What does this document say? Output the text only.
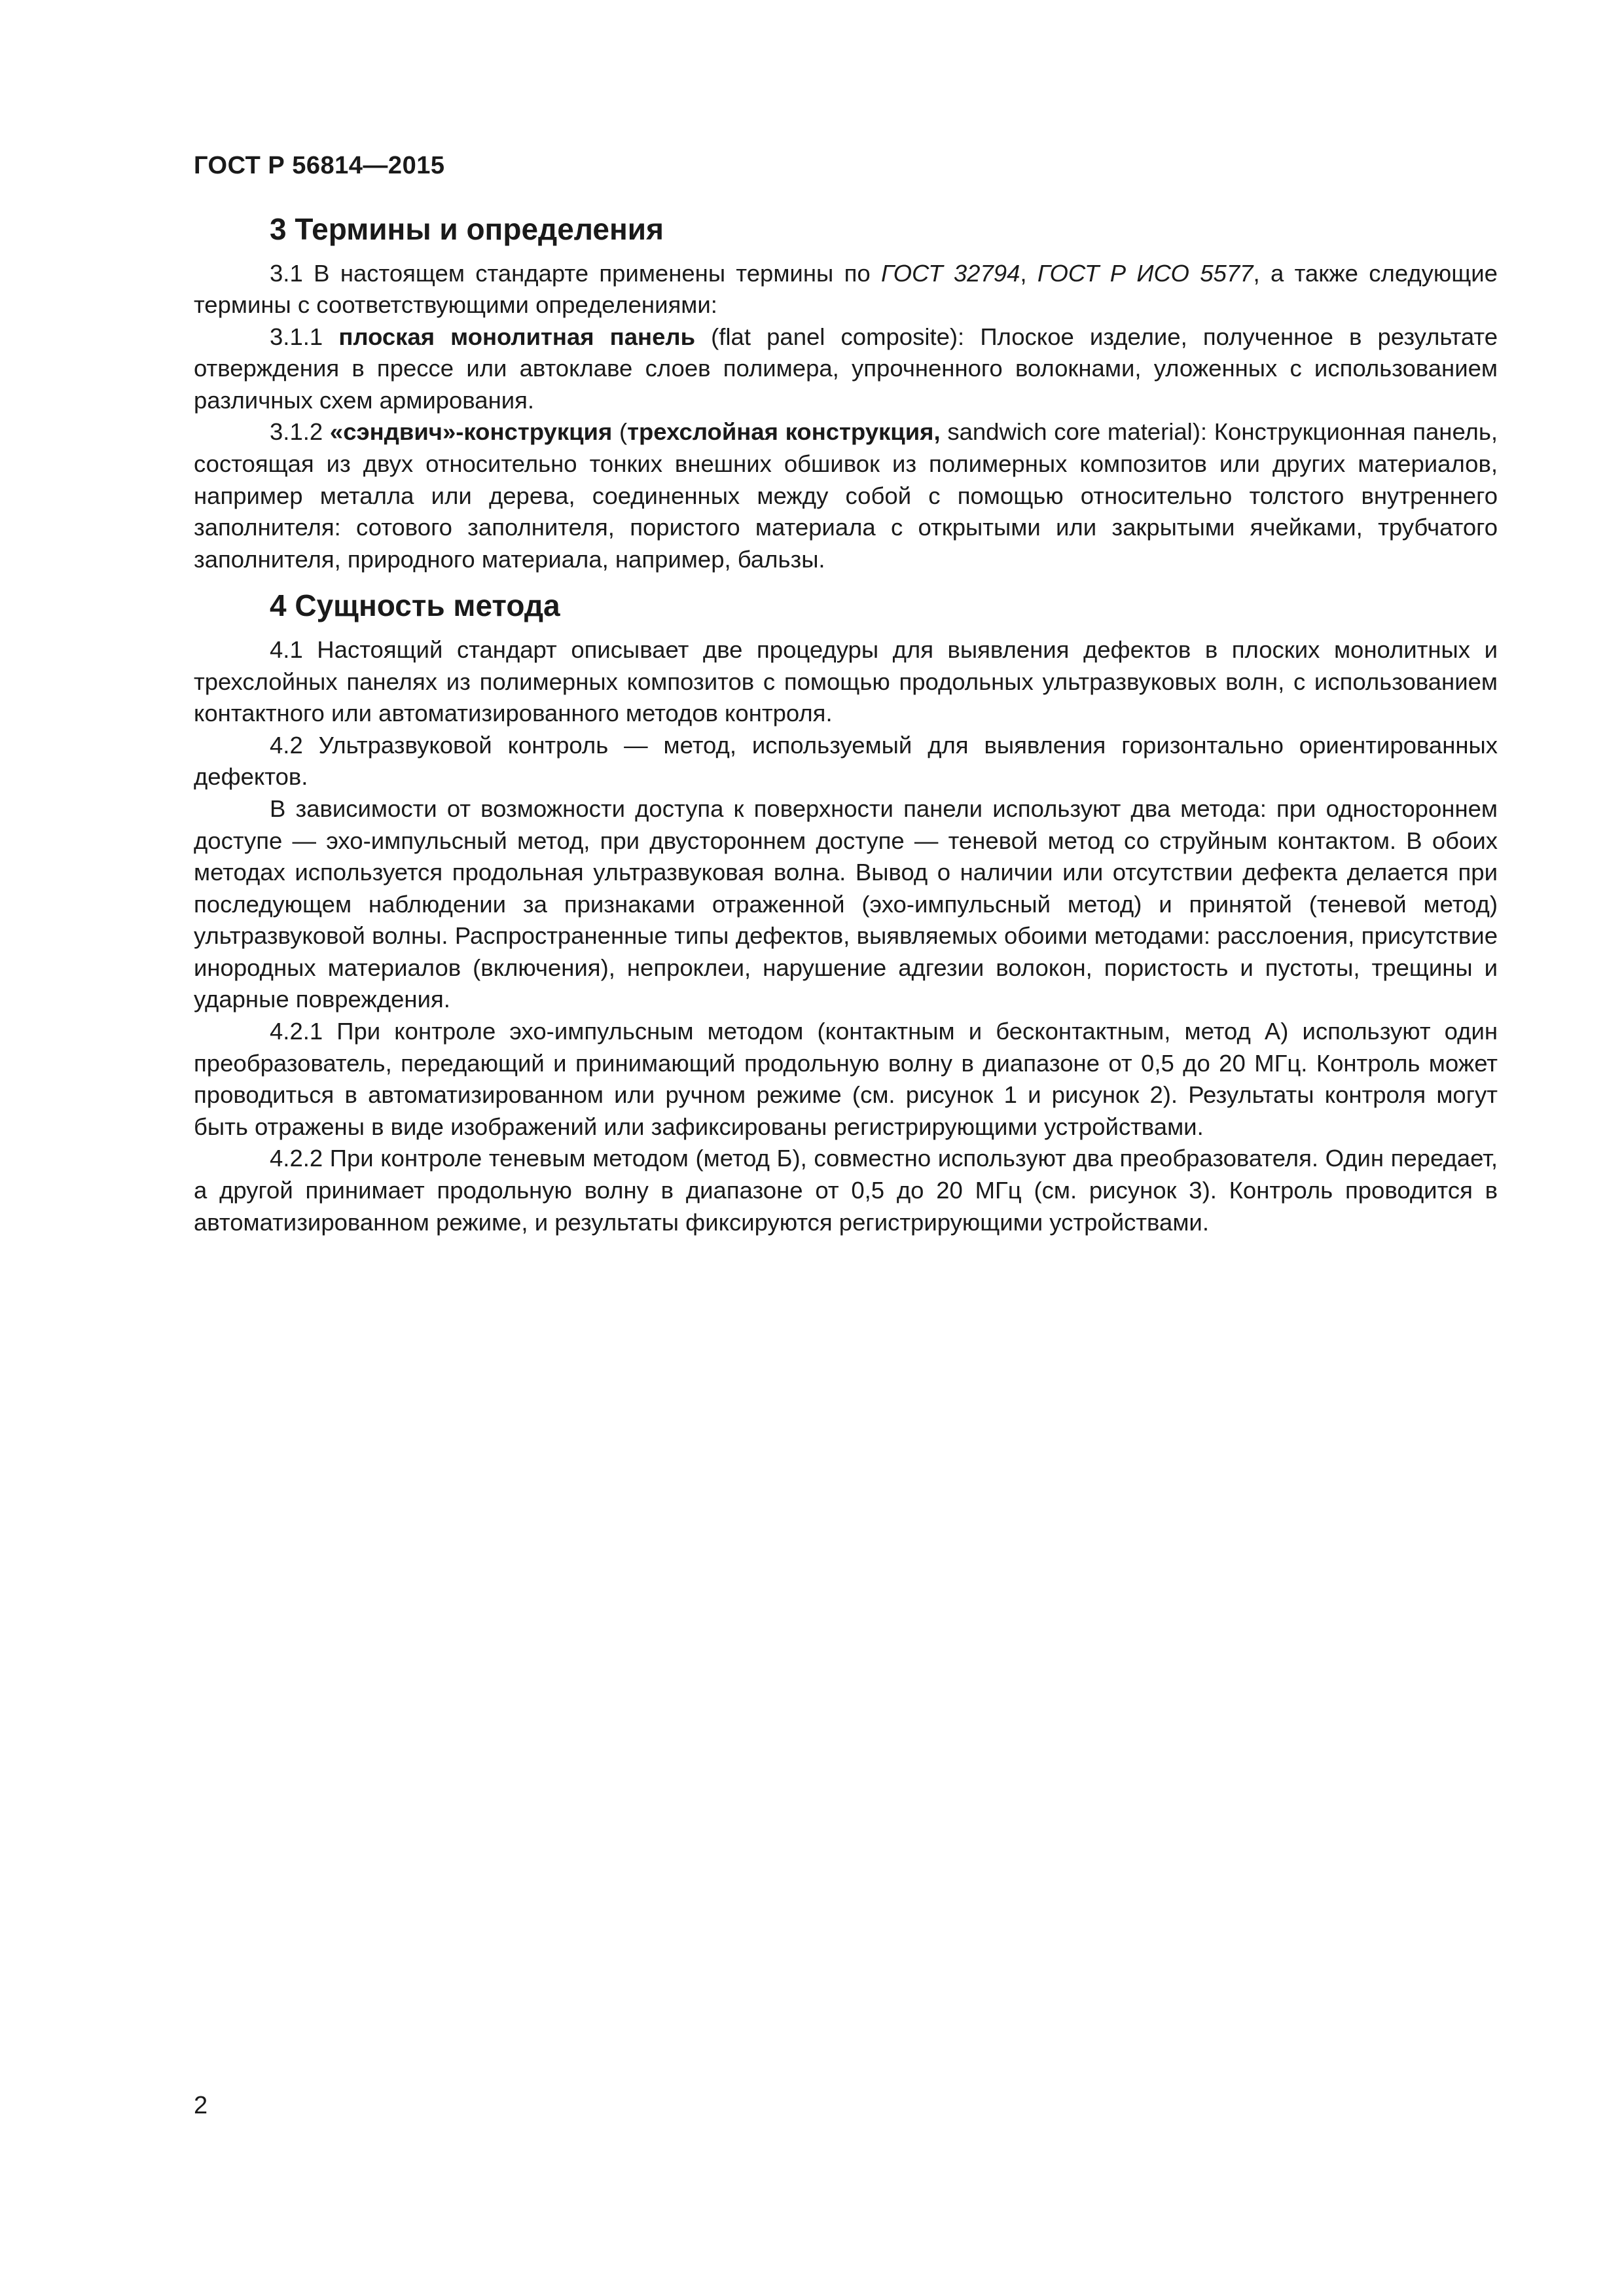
ГОСТ Р 56814—2015
3 Термины и определения

3.1 В настоящем стандарте применены термины по ГОСТ 32794, ГОСТ Р ИСО 5577, а также следующие термины с соответствующими определениями:

3.1.1 плоская монолитная панель (flat panel composite): Плоское изделие, полученное в результате отверждения в прессе или автоклаве слоев полимера, упрочненного волокнами, уложенных с использованием различных схем армирования.

3.1.2 «сэндвич»-конструкция (трехслойная конструкция, sandwich core material): Конструкционная панель, состоящая из двух относительно тонких внешних обшивок из полимерных композитов или других материалов, например металла или дерева, соединенных между собой с помощью относительно толстого внутреннего заполнителя: сотового заполнителя, пористого материала с открытыми или закрытыми ячейками, трубчатого заполнителя, природного материала, например, бальзы.

4 Сущность метода

4.1 Настоящий стандарт описывает две процедуры для выявления дефектов в плоских монолитных и трехслойных панелях из полимерных композитов с помощью продольных ультразвуковых волн, с использованием контактного или автоматизированного методов контроля.

4.2 Ультразвуковой контроль — метод, используемый для выявления горизонтально ориентированных дефектов.

В зависимости от возможности доступа к поверхности панели используют два метода: при одностороннем доступе — эхо-импульсный метод, при двустороннем доступе — теневой метод со струйным контактом. В обоих методах используется продольная ультразвуковая волна. Вывод о наличии или отсутствии дефекта делается при последующем наблюдении за признаками отраженной (эхо-импульсный метод) и принятой (теневой метод) ультразвуковой волны. Распространенные типы дефектов, выявляемых обоими методами: расслоения, присутствие инородных материалов (включения), непроклеи, нарушение адгезии волокон, пористость и пустоты, трещины и ударные повреждения.

4.2.1 При контроле эхо-импульсным методом (контактным и бесконтактным, метод А) используют один преобразователь, передающий и принимающий продольную волну в диапазоне от 0,5 до 20 МГц. Контроль может проводиться в автоматизированном или ручном режиме (см. рисунок 1 и рисунок 2). Результаты контроля могут быть отражены в виде изображений или зафиксированы регистрирующими устройствами.

4.2.2 При контроле теневым методом (метод Б), совместно используют два преобразователя. Один передает, а другой принимает продольную волну в диапазоне от 0,5 до 20 МГц (см. рисунок 3). Контроль проводится в автоматизированном режиме, и результаты фиксируются регистрирующими устройствами.

2
